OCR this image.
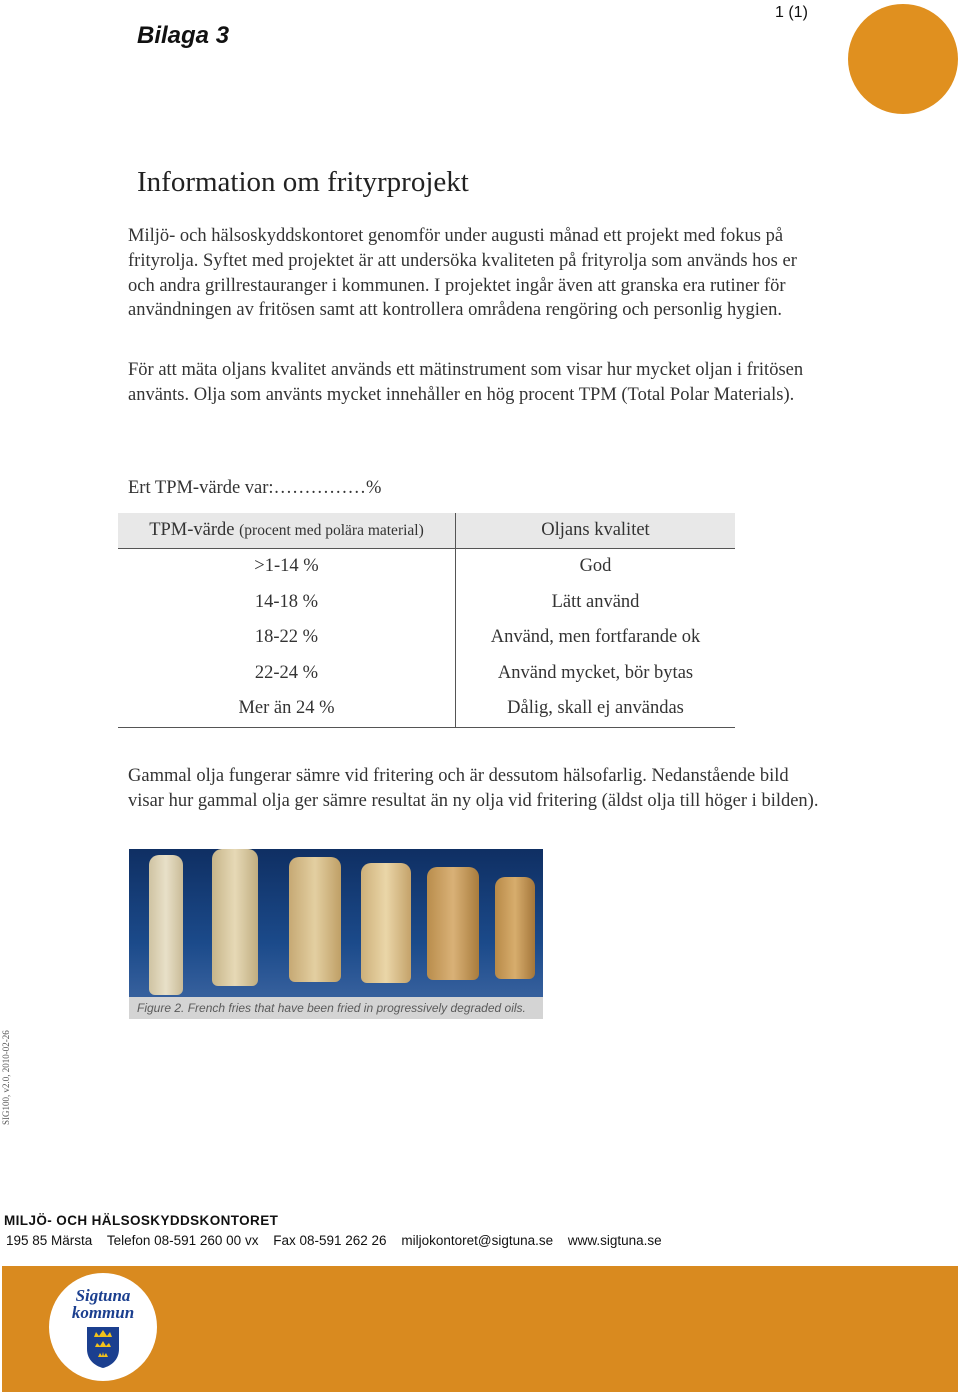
Bilaga 3
1 (1)
Information om frityrprojekt
Miljö- och hälsoskyddskontoret genomför under augusti månad ett projekt med fokus på frityrolja. Syftet med projektet är att undersöka kvaliteten på frityrolja som används hos er och andra grillrestauranger i kommunen. I projektet ingår även att granska era rutiner för användningen av fritösen samt att kontrollera områdena rengöring och personlig hygien.
För att mäta oljans kvalitet används ett mätinstrument som visar hur mycket oljan i fritösen använts. Olja som använts mycket innehåller en hög procent TPM (Total Polar Materials).
Ert TPM-värde var:……………%
TPM-värde (procent med polära material)	Oljans kvalitet
>1-14 %	God
14-18 %	Lätt använd
18-22 %	Använd, men fortfarande ok
22-24 %	Använd mycket, bör bytas
Mer än 24 %	Dålig, skall ej användas
Gammal olja fungerar sämre vid fritering och är dessutom hälsofarlig. Nedanstående bild visar hur gammal olja ger sämre resultat än ny olja vid fritering (äldst olja till höger i bilden).
Figure 2. French fries that have been fried in progressively degraded oils.
SIG100, v2.0, 2010-02-26
MILJÖ- OCH HÄLSOSKYDDSKONTORET
195 85 Märsta Telefon 08-591 260 00 vx Fax 08-591 262 26 miljokontoret@sigtuna.se www.sigtuna.se
Sigtuna
kommun
